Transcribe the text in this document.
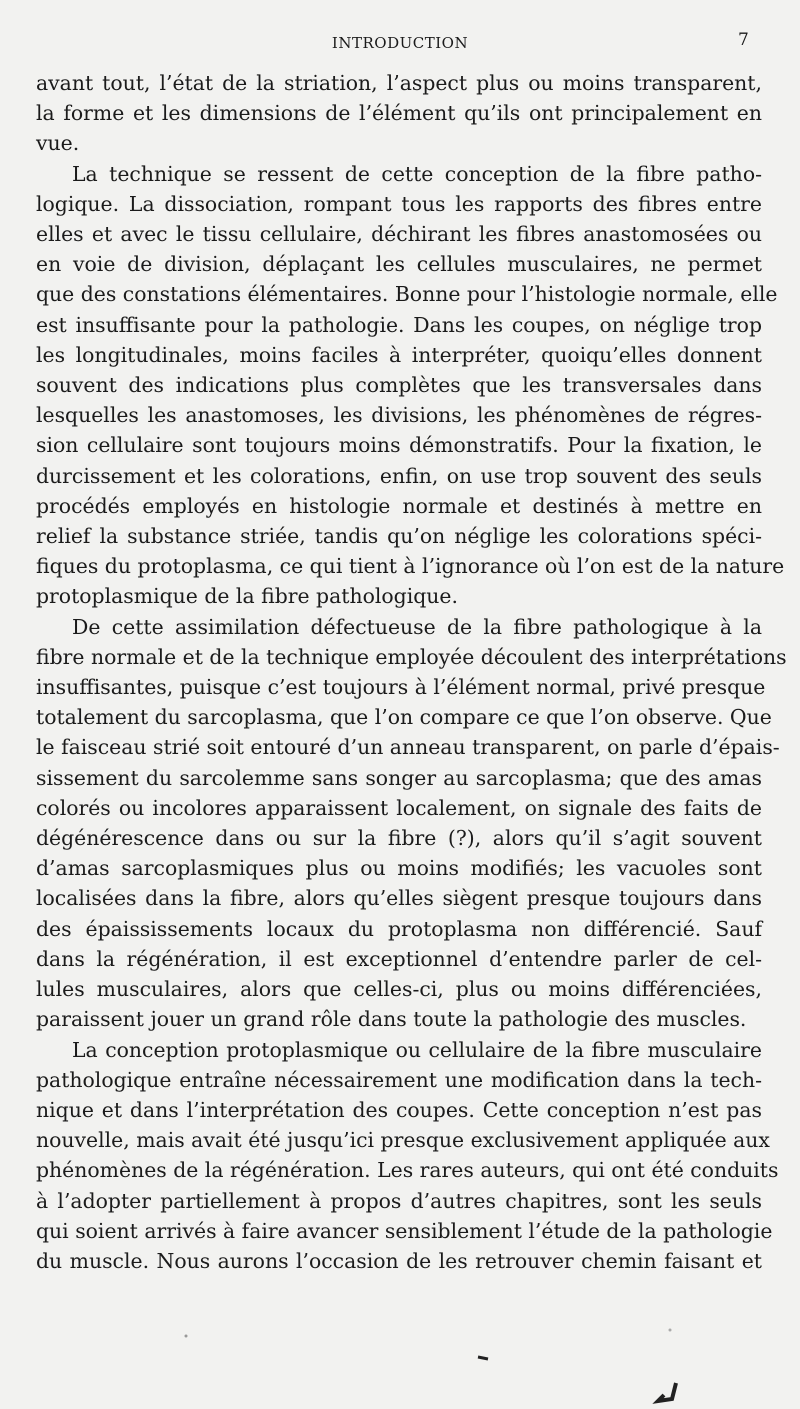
INTRODUCTION	7

avant tout, l’état de la striation, l’aspect plus ou moins transparent,
la forme et les dimensions de l’élément qu’ils ont principalement en
vue.

La technique se ressent de cette conception de la fibre patho-
logique. La dissociation, rompant tous les rapports des fibres entre
elles et avec le tissu cellulaire, déchirant les fibres anastomosées ou
en voie de division, déplaçant les cellules musculaires, ne permet
que des constations élémentaires. Bonne pour l’histologie normale, elle
est insuffisante pour la pathologie. Dans les coupes, on néglige trop
les longitudinales, moins faciles à interpréter, quoiqu’elles donnent
souvent des indications plus complètes que les transversales dans
lesquelles les anastomoses, les divisions, les phénomènes de régres-
sion cellulaire sont toujours moins démonstratifs. Pour la fixation, le
durcissement et les colorations, enfin, on use trop souvent des seuls
procédés employés en histologie normale et destinés à mettre en
relief la substance striée, tandis qu’on néglige les colorations spéci-
fiques du protoplasma, ce qui tient à l’ignorance où l’on est de la nature
protoplasmique de la fibre pathologique.

De cette assimilation défectueuse de la fibre pathologique à la
fibre normale et de la technique employée découlent des interprétations
insuffisantes, puisque c’est toujours à l’élément normal, privé presque
totalement du sarcoplasma, que l’on compare ce que l’on observe. Que
le faisceau strié soit entouré d’un anneau transparent, on parle d’épais-
sissement du sarcolemme sans songer au sarcoplasma; que des amas
colorés ou incolores apparaissent localement, on signale des faits de
dégénérescence dans ou sur la fibre (?), alors qu’il s’agit souvent
d’amas sarcoplasmiques plus ou moins modifiés; les vacuoles sont
localisées dans la fibre, alors qu’elles siègent presque toujours dans
des épaississements locaux du protoplasma non différencié. Sauf
dans la régénération, il est exceptionnel d’entendre parler de cel-
lules musculaires, alors que celles-ci, plus ou moins différenciées,
paraissent jouer un grand rôle dans toute la pathologie des muscles.

La conception protoplasmique ou cellulaire de la fibre musculaire
pathologique entraîne nécessairement une modification dans la tech-
nique et dans l’interprétation des coupes. Cette conception n’est pas
nouvelle, mais avait été jusqu’ici presque exclusivement appliquée aux
phénomènes de la régénération. Les rares auteurs, qui ont été conduits
à l’adopter partiellement à propos d’autres chapitres, sont les seuls
qui soient arrivés à faire avancer sensiblement l’étude de la pathologie
du muscle. Nous aurons l’occasion de les retrouver chemin faisant et
